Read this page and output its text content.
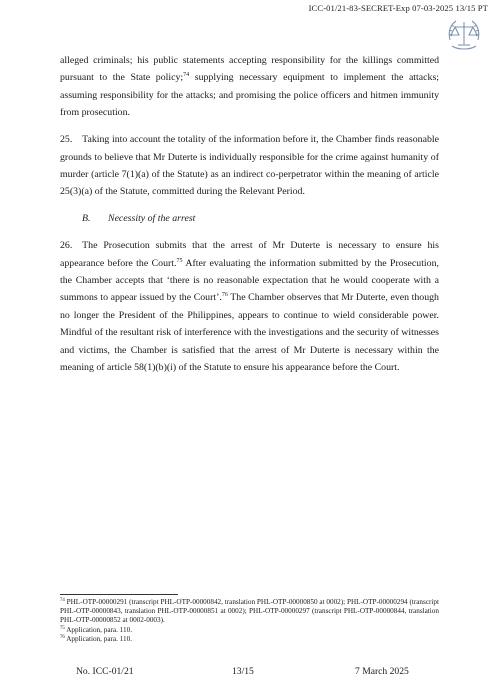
ICC-01/21-83-SECRET-Exp 07-03-2025 13/15 PT

alleged criminals; his public statements accepting responsibility for the killings committed pursuant to the State policy;$^{74}$ supplying necessary equipment to implement the attacks; assuming responsibility for the attacks; and promising the police officers and hitmen immunity from prosecution.

25. Taking into account the totality of the information before it, the Chamber finds reasonable grounds to believe that Mr Duterte is individually responsible for the crime against humanity of murder (article 7(1)(a) of the Statute) as an indirect co-perpetrator within the meaning of article 25(3)(a) of the Statute, committed during the Relevant Period.

B. Necessity of the arrest

26. The Prosecution submits that the arrest of Mr Duterte is necessary to ensure his appearance before the Court.$^{75}$ After evaluating the information submitted by the Prosecution, the Chamber accepts that ‘there is no reasonable expectation that he would cooperate with a summons to appear issued by the Court’.$^{76}$ The Chamber observes that Mr Duterte, even though no longer the President of the Philippines, appears to continue to wield considerable power. Mindful of the resultant risk of interference with the investigations and the security of witnesses and victims, the Chamber is satisfied that the arrest of Mr Duterte is necessary within the meaning of article 58(1)(b)(i) of the Statute to ensure his appearance before the Court.

$^{74}$ PHL-OTP-00000291 (transcript PHL-OTP-00000842, translation PHL-OTP-00000850 at 0002); PHL-OTP-00000294 (transcript PHL-OTP-00000843, translation PHL-OTP-00000851 at 0002); PHL-OTP-00000297 (transcript PHL-OTP-00000844, translation PHL-OTP-00000852 at 0002-0003).
$^{75}$ Application, para. 110.
$^{76}$ Application, para. 110.
No. ICC-01/21	13/15	7 March 2025
